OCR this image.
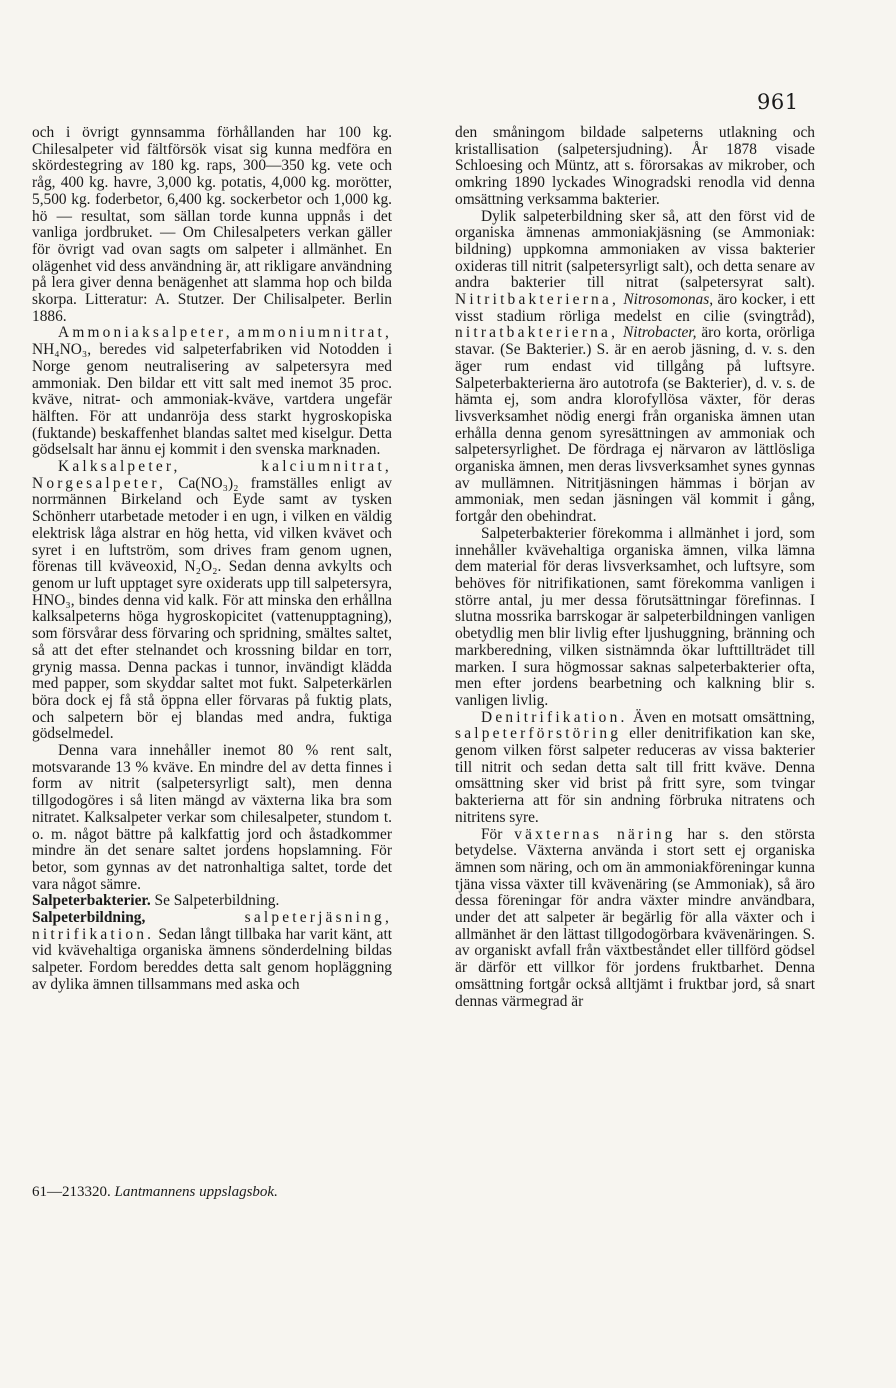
961

och i övrigt gynnsamma förhållanden har 100 kg. Chilesalpeter vid fältförsök visat sig kunna medföra en skördestegring av 180 kg. raps, 300—350 kg. vete och råg, 400 kg. havre, 3,000 kg. potatis, 4,000 kg. morötter, 5,500 kg. foderbetor, 6,400 kg. sockerbetor och 1,000 kg. hö — resultat, som sällan torde kunna uppnås i det vanliga jordbruket. — Om Chilesalpeters verkan gäller för övrigt vad ovan sagts om salpeter i allmänhet. En olägenhet vid dess användning är, att rikligare användning på lera giver denna benägenhet att slamma hop och bilda skorpa. Litteratur: A. Stutzer. Der Chilisalpeter. Berlin 1886.

Ammoniaksalpeter, ammoniumnitrat, NH₄NO₃, beredes vid salpeterfabriken vid Notodden i Norge genom neutralisering av salpetersyra med ammoniak. Den bildar ett vitt salt med inemot 35 proc. kväve, nitrat- och ammoniak-kväve, vartdera ungefär hälften. För att undanröja dess starkt hygroskopiska (fuktande) beskaffenhet blandas saltet med kiselgur. Detta gödselsalt har ännu ej kommit i den svenska marknaden.

Kalksalpeter,	kalciumnitrat, Norgesalpeter, Ca(NO₃)₂ framställes enligt av norrmännen Birkeland och Eyde samt av tysken Schönherr utarbetade metoder i en ugn, i vilken en väldig elektrisk låga alstrar en hög hetta, vid vilken kvävet och syret i en luftström, som drives fram genom ugnen, förenas till kväveoxid, N₂O₂. Sedan denna avkylts och genom ur luft upptaget syre oxiderats upp till salpetersyra, HNO₃, bindes denna vid kalk. För att minska den erhållna kalksalpeterns höga hygroskopicitet (vattenupptagning), som försvårar dess förvaring och spridning, smältes saltet, så att det efter stelnandet och krossning bildar en torr, grynig massa. Denna packas i tunnor, invändigt klädda med papper, som skyddar saltet mot fukt. Salpeterkärlen böra dock ej få stå öppna eller förvaras på fuktig plats, och salpetern bör ej blandas med andra, fuktiga gödselmedel.

Denna vara innehåller inemot 80 % rent salt, motsvarande 13 % kväve. En mindre del av detta finnes i form av nitrit (salpetersyrligt salt), men denna tillgodogöres i så liten mängd av växterna lika bra som nitratet. Kalksalpeter verkar som chilesalpeter, stundom t. o. m. något bättre på kalkfattig jord och åstadkommer mindre än det senare saltet jordens hopslamning. För betor, som gynnas av det natronhaltiga saltet, torde det vara något sämre.

Salpeterbakterier. Se Salpeterbildning.

Salpeterbildning,	salpeterjäsning, nitrifikation. Sedan långt tillbaka har varit känt, att vid kvävehaltiga organiska ämnens sönderdelning bildas salpeter. Fordom bereddes detta salt genom hopläggning av dylika ämnen tillsammans med aska och

den småningom bildade salpeterns utlakning och kristallisation (salpetersjudning). År 1878 visade Schloesing och Müntz, att s. förorsakas av mikrober, och omkring 1890 lyckades Winogradski renodla vid denna omsättning verksamma bakterier.

Dylik salpeterbildning sker så, att den först vid de organiska ämnenas ammoniakjäsning (se Ammoniak: bildning) uppkomna ammoniaken av vissa bakterier oxideras till nitrit (salpetersyrligt salt), och detta senare av andra bakterier till nitrat (salpetersyrat salt). Nitritbakterierna, Nitrosomonas, äro kocker, i ett visst stadium rörliga medelst en cilie (svingtråd), nitratbakterierna, Nitrobacter, äro korta, orörliga stavar. (Se Bakterier.) S. är en aerob jäsning, d. v. s. den äger rum endast vid tillgång på luftsyre. Salpeterbakterierna äro autotrofa (se Bakterier), d. v. s. de hämta ej, som andra klorofyllösa växter, för deras livsverksamhet nödig energi från organiska ämnen utan erhålla denna genom syresättningen av ammoniak och salpetersyrlighet. De fördraga ej närvaron av lättlösliga organiska ämnen, men deras livsverksamhet synes gynnas av mullämnen. Nitritjäsningen hämmas i början av ammoniak, men sedan jäsningen väl kommit i gång, fortgår den obehindrat.

Salpeterbakterier förekomma i allmänhet i jord, som innehåller kvävehaltiga organiska ämnen, vilka lämna dem material för deras livsverksamhet, och luftsyre, som behöves för nitrifikationen, samt förekomma vanligen i större antal, ju mer dessa förutsättningar förefinnas. I slutna mossrika barrskogar är salpeterbildningen vanligen obetydlig men blir livlig efter ljushuggning, bränning och markberedning, vilken sistnämnda ökar lufttillträdet till marken. I sura högmossar saknas salpeterbakterier ofta, men efter jordens bearbetning och kalkning blir s. vanligen livlig.

Denitrifikation. Även en motsatt omsättning, salpeterförstöring eller denitrifikation kan ske, genom vilken först salpeter reduceras av vissa bakterier till nitrit och sedan detta salt till fritt kväve. Denna omsättning sker vid brist på fritt syre, som tvingar bakterierna att för sin andning förbruka nitratens och nitritens syre.

För växternas näring har s. den största betydelse. Växterna använda i stort sett ej organiska ämnen som näring, och om än ammoniakföreningar kunna tjäna vissa växter till kvävenäring (se Ammoniak), så äro dessa föreningar för andra växter mindre användbara, under det att salpeter är begärlig för alla växter och i allmänhet är den lättast tillgodogörbara kvävenäringen. S. av organiskt avfall från växtbeståndet eller tillförd gödsel är därför ett villkor för jordens fruktbarhet. Denna omsättning fortgår också alltjämt i fruktbar jord, så snart dennas värmegrad är

61—213320. Lantmannens uppslagsbok.
